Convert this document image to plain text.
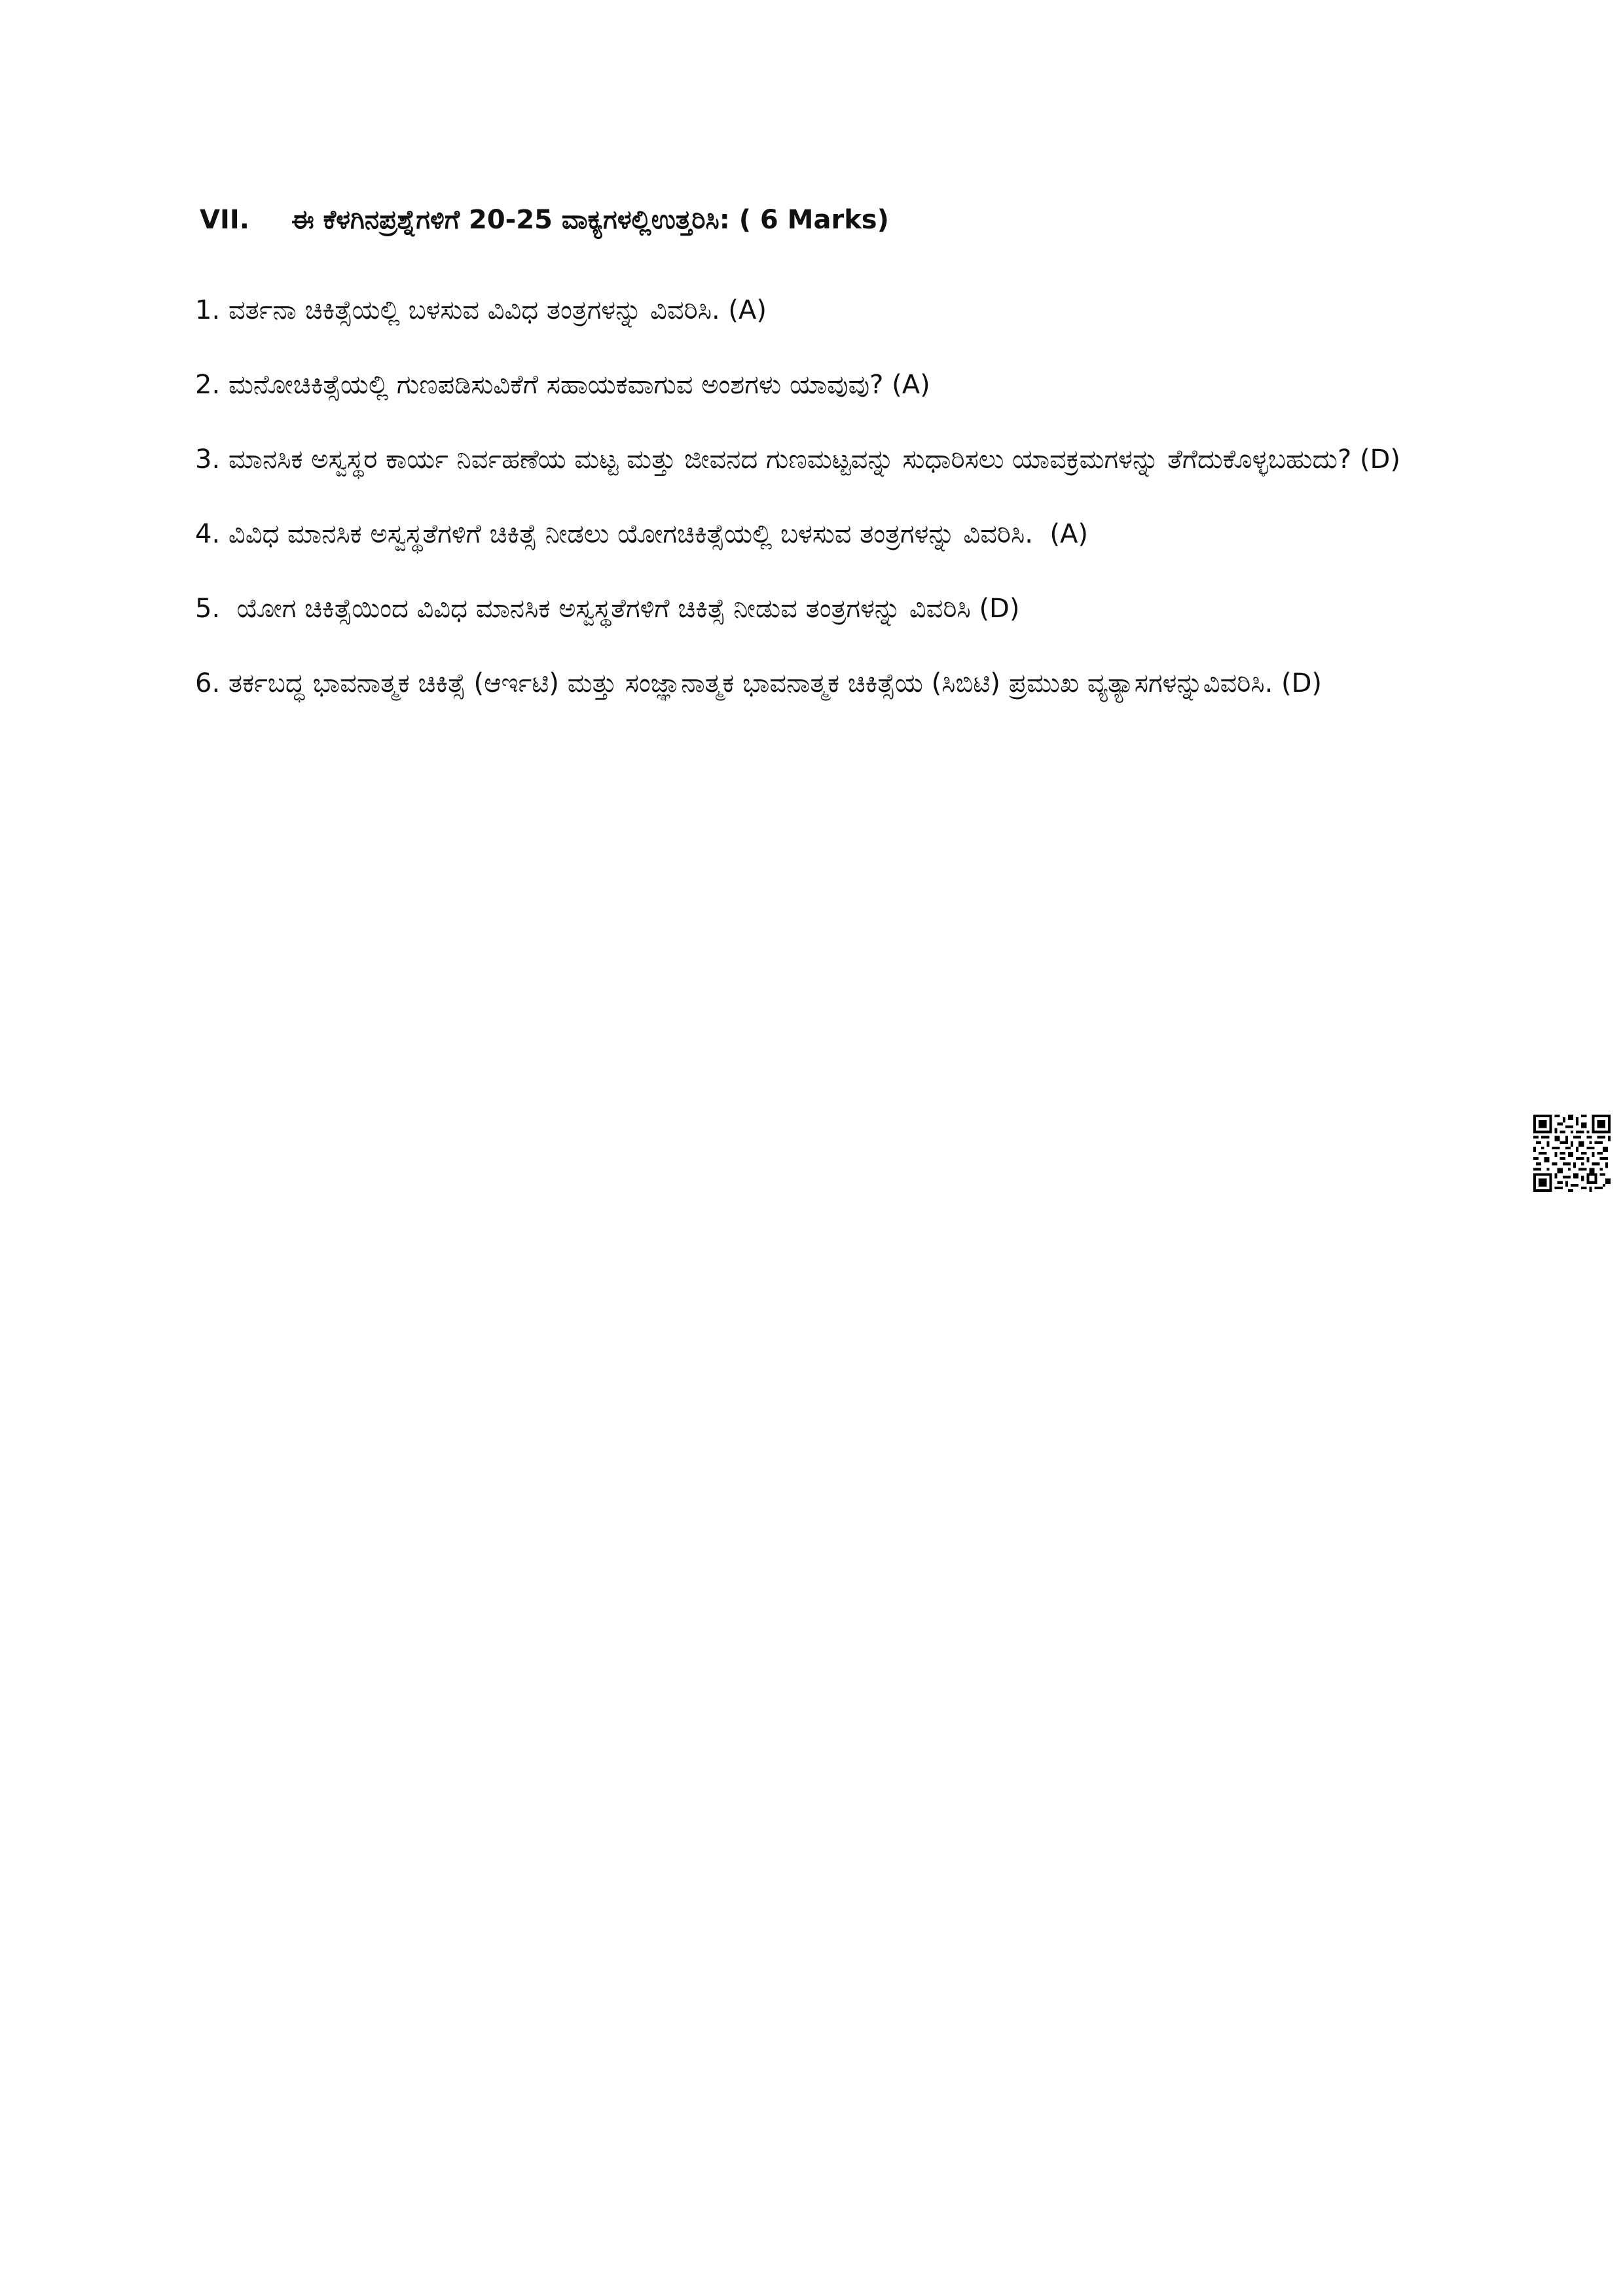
VII. ಈ ಕೆಳಗಿನಪ್ರಶ್ನೆಗಳಿಗೆ 20-25 ವಾಕ್ಯಗಳಲ್ಲಿಉತ್ತರಿಸಿ: ( 6 Marks)

1. ವರ್ತನಾ ಚಿಕಿತ್ಸೆಯಲ್ಲಿ ಬಳಸುವ ವಿವಿಧ ತಂತ್ರಗಳನ್ನು ವಿವರಿಸಿ. (A)

2. ಮನೋಚಿಕಿತ್ಸೆಯಲ್ಲಿ ಗುಣಪಡಿಸುವಿಕೆಗೆ ಸಹಾಯಕವಾಗುವ ಅಂಶಗಳು ಯಾವುವು? (A)

3. ಮಾನಸಿಕ ಅಸ್ವಸ್ಥರ ಕಾರ್ಯ ನಿರ್ವಹಣೆಯ ಮಟ್ಟ ಮತ್ತು ಜೀವನದ ಗುಣಮಟ್ಟವನ್ನು ಸುಧಾರಿಸಲು ಯಾವಕ್ರಮಗಳನ್ನು ತೆಗೆದುಕೊಳ್ಳಬಹುದು? (D)

4. ವಿವಿಧ ಮಾನಸಿಕ ಅಸ್ವಸ್ಥತೆಗಳಿಗೆ ಚಿಕಿತ್ಸೆ ನೀಡಲು ಯೋಗಚಿಕಿತ್ಸೆಯಲ್ಲಿ ಬಳಸುವ ತಂತ್ರಗಳನ್ನು ವಿವರಿಸಿ.  (A)

5.  ಯೋಗ ಚಿಕಿತ್ಸೆಯಿಂದ ವಿವಿಧ ಮಾನಸಿಕ ಅಸ್ವಸ್ಥತೆಗಳಿಗೆ ಚಿಕಿತ್ಸೆ ನೀಡುವ ತಂತ್ರಗಳನ್ನು ವಿವರಿಸಿ (D)

6. ತರ್ಕಬದ್ಧ ಭಾವನಾತ್ಮಕ ಚಿಕಿತ್ಸೆ (ಆರ್ಇಟಿ) ಮತ್ತು ಸಂಜ್ಞಾನಾತ್ಮಕ ಭಾವನಾತ್ಮಕ ಚಿಕಿತ್ಸೆಯ (ಸಿಬಿಟಿ) ಪ್ರಮುಖ ವ್ಯತ್ಯಾಸಗಳನ್ನುವಿವರಿಸಿ. (D)
